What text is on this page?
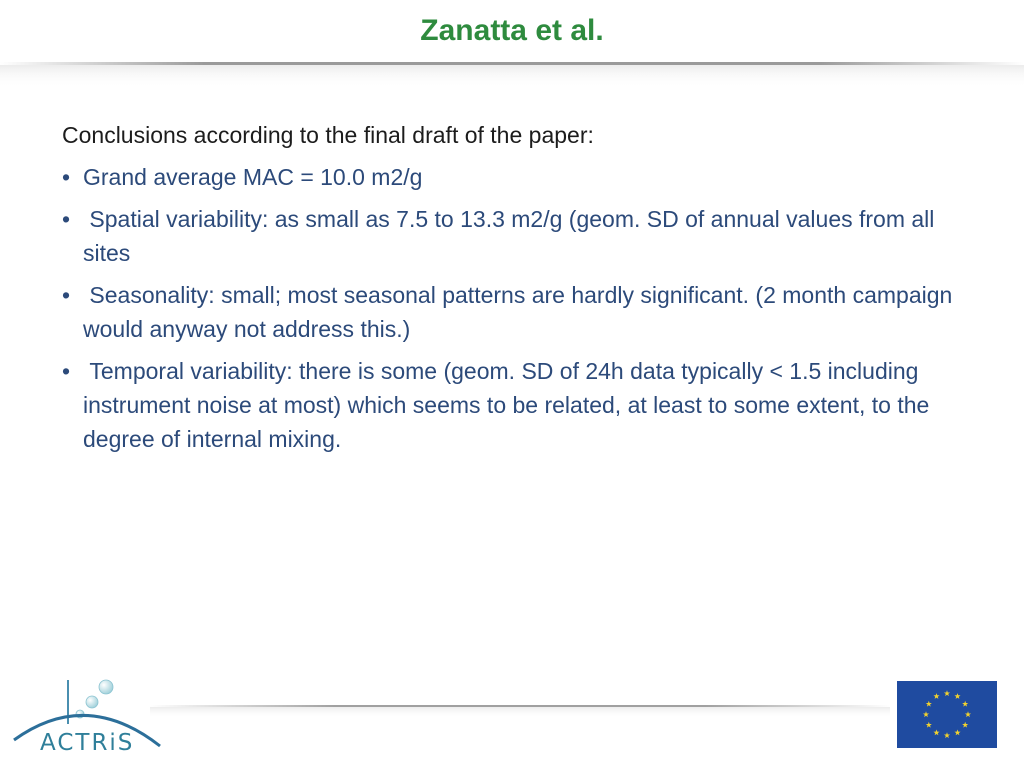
Zanatta et al.

Conclusions according to the final draft of the paper:

• Grand average MAC = 10.0 m2/g
• Spatial variability: as small as 7.5 to 13.3 m2/g (geom. SD of annual values from all sites
• Seasonality: small; most seasonal patterns are hardly significant. (2 month campaign would anyway not address this.)
• Temporal variability: there is some (geom. SD of 24h data typically < 1.5 including instrument noise at most) which seems to be related, at least to some extent, to the degree of internal mixing.
ACTRiS
